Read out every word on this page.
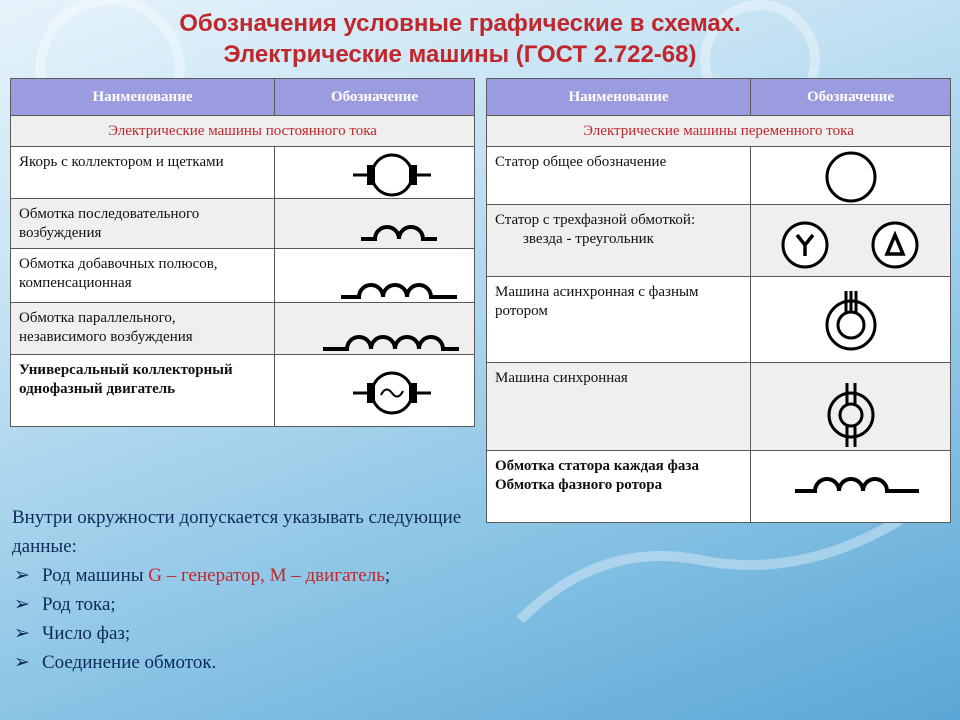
Обозначения условные графические в схемах.
Электрические машины (ГОСТ 2.722-68)
Наименование	Обозначение
Электрические машины постоянного тока	
Якорь с коллектором и щетками	

Обмотка последовательного возбуждения	

Обмотка добавочных полюсов, компенсационная	

Обмотка параллельного, независимого возбуждения	

Универсальный коллекторный однофазный двигатель	
Наименование	Обозначение
Электрические машины переменного тока	
Статор общее обозначение	

Статор с трехфазной обмоткой:
звезда - треугольник

Машина асинхронная с фазным ротором	

Машина синхронная	

Обмотка статора каждая фаза
Обмотка фазного ротора	
Внутри окружности допускается указывать следующие данные:
➢ Род машины G – генератор, М – двигатель;
➢ Род тока;
➢ Число фаз;
➢ Соединение обмоток.
